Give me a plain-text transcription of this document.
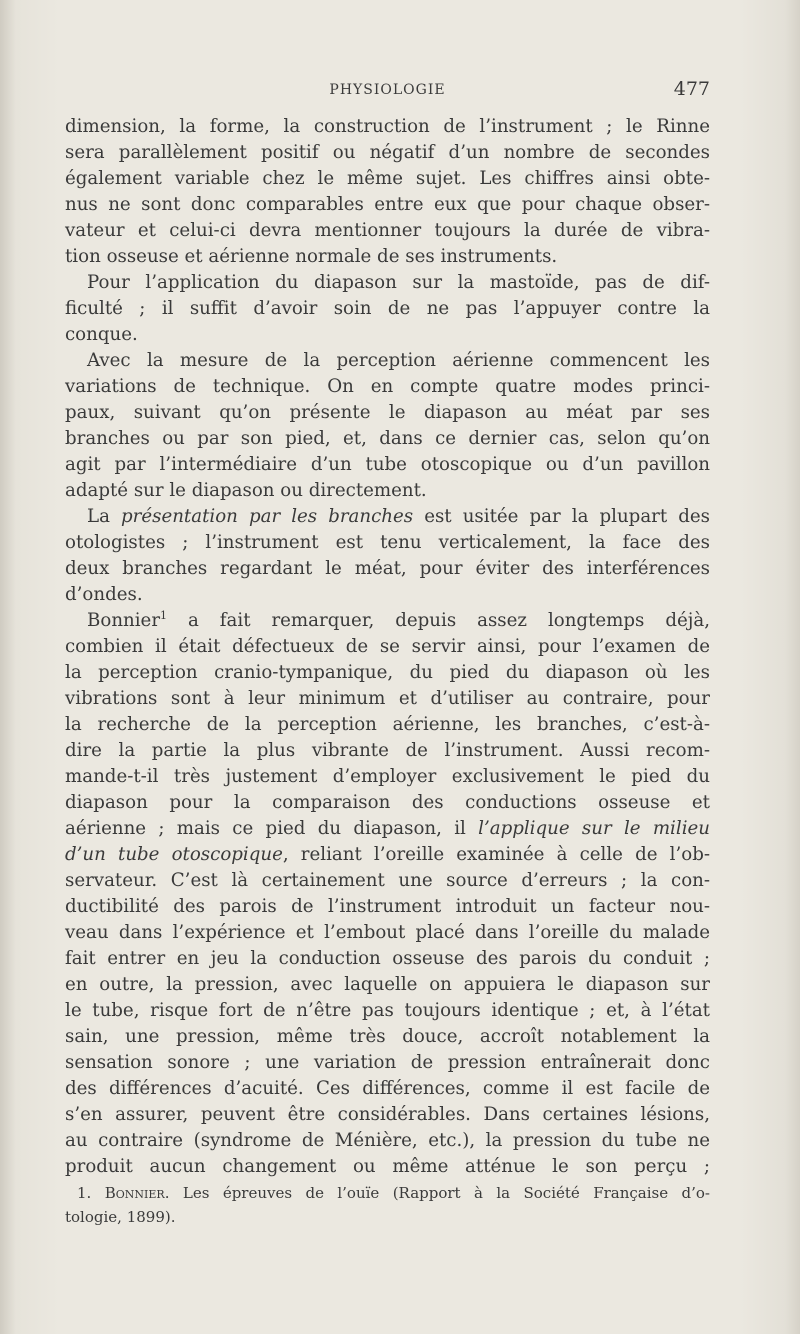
PHYSIOLOGIE	477
dimension, la forme, la construction de l’instrument ; le Rinne
sera parallèlement positif ou négatif d’un nombre de secondes
également variable chez le même sujet. Les chiffres ainsi obte-
nus ne sont donc comparables entre eux que pour chaque obser-
vateur et celui-ci devra mentionner toujours la durée de vibra-
tion osseuse et aérienne normale de ses instruments.
Pour l’application du diapason sur la mastoïde, pas de dif-
ficulté ; il suffit d’avoir soin de ne pas l’appuyer contre la
conque.
Avec la mesure de la perception aérienne commencent les
variations de technique. On en compte quatre modes princi-
paux, suivant qu’on présente le diapason au méat par ses
branches ou par son pied, et, dans ce dernier cas, selon qu’on
agit par l’intermédiaire d’un tube otoscopique ou d’un pavillon
adapté sur le diapason ou directement.
La présentation par les branches est usitée par la plupart des
otologistes ; l’instrument est tenu verticalement, la face des
deux branches regardant le méat, pour éviter des interférences
d’ondes.
Bonnier$^1$ a fait remarquer, depuis assez longtemps déjà,
combien il était défectueux de se servir ainsi, pour l’examen de
la perception cranio-tympanique, du pied du diapason où les
vibrations sont à leur minimum et d’utiliser au contraire, pour
la recherche de la perception aérienne, les branches, c’est-à-
dire la partie la plus vibrante de l’instrument. Aussi recom-
mande-t-il très justement d’employer exclusivement le pied du
diapason pour la comparaison des conductions osseuse et
aérienne ; mais ce pied du diapason, il l’applique sur le milieu
d’un tube otoscopique, reliant l’oreille examinée à celle de l’ob-
servateur. C’est là certainement une source d’erreurs ; la con-
ductibilité des parois de l’instrument introduit un facteur nou-
veau dans l’expérience et l’embout placé dans l’oreille du malade
fait entrer en jeu la conduction osseuse des parois du conduit ;
en outre, la pression, avec laquelle on appuiera le diapason sur
le tube, risque fort de n’être pas toujours identique ; et, à l’état
sain, une pression, même très douce, accroît notablement la
sensation sonore ; une variation de pression entraînerait donc
des différences d’acuité. Ces différences, comme il est facile de
s’en assurer, peuvent être considérables. Dans certaines lésions,
au contraire (syndrome de Ménière, etc.), la pression du tube ne
produit aucun changement ou même atténue le son perçu ;
1. Bonnier. Les épreuves de l’ouïe (Rapport à la Société Française d’o-
tologie, 1899).
